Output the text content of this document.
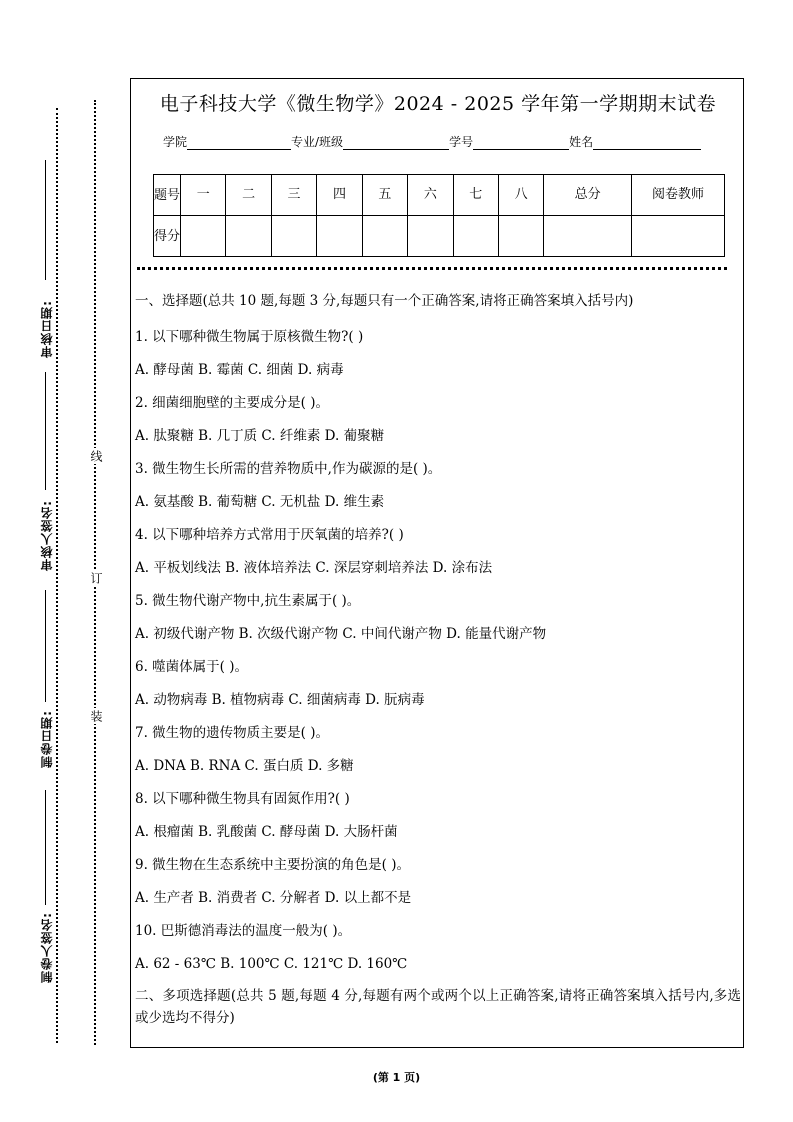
审核日期:
审核人签名:
制卷日期:
制卷人签名:
线
订
装
电子科技大学《微生物学》2024 - 2025 学年第一学期期末试卷
学院	专业/班级	学号	姓名
题号	一	二	三	四	五	六	七	八	总分	阅卷教师
得分										
一、选择题(总共 10 题,每题 3 分,每题只有一个正确答案,请将正确答案填入括号内)
1. 以下哪种微生物属于原核微生物?( )
A. 酵母菌 B. 霉菌 C. 细菌 D. 病毒
2. 细菌细胞壁的主要成分是( )。
A. 肽聚糖 B. 几丁质 C. 纤维素 D. 葡聚糖
3. 微生物生长所需的营养物质中,作为碳源的是( )。
A. 氨基酸 B. 葡萄糖 C. 无机盐 D. 维生素
4. 以下哪种培养方式常用于厌氧菌的培养?( )
A. 平板划线法 B. 液体培养法 C. 深层穿刺培养法 D. 涂布法
5. 微生物代谢产物中,抗生素属于( )。
A. 初级代谢产物 B. 次级代谢产物 C. 中间代谢产物 D. 能量代谢产物
6. 噬菌体属于( )。
A. 动物病毒 B. 植物病毒 C. 细菌病毒 D. 朊病毒
7. 微生物的遗传物质主要是( )。
A. DNA B. RNA C. 蛋白质 D. 多糖
8. 以下哪种微生物具有固氮作用?( )
A. 根瘤菌 B. 乳酸菌 C. 酵母菌 D. 大肠杆菌
9. 微生物在生态系统中主要扮演的角色是( )。
A. 生产者 B. 消费者 C. 分解者 D. 以上都不是
10. 巴斯德消毒法的温度一般为( )。
A. 62 - 63℃ B. 100℃ C. 121℃ D. 160℃
二、多项选择题(总共 5 题,每题 4 分,每题有两个或两个以上正确答案,请将正确答案填入括号内,多选或少选均不得分)
(第 1 页)
